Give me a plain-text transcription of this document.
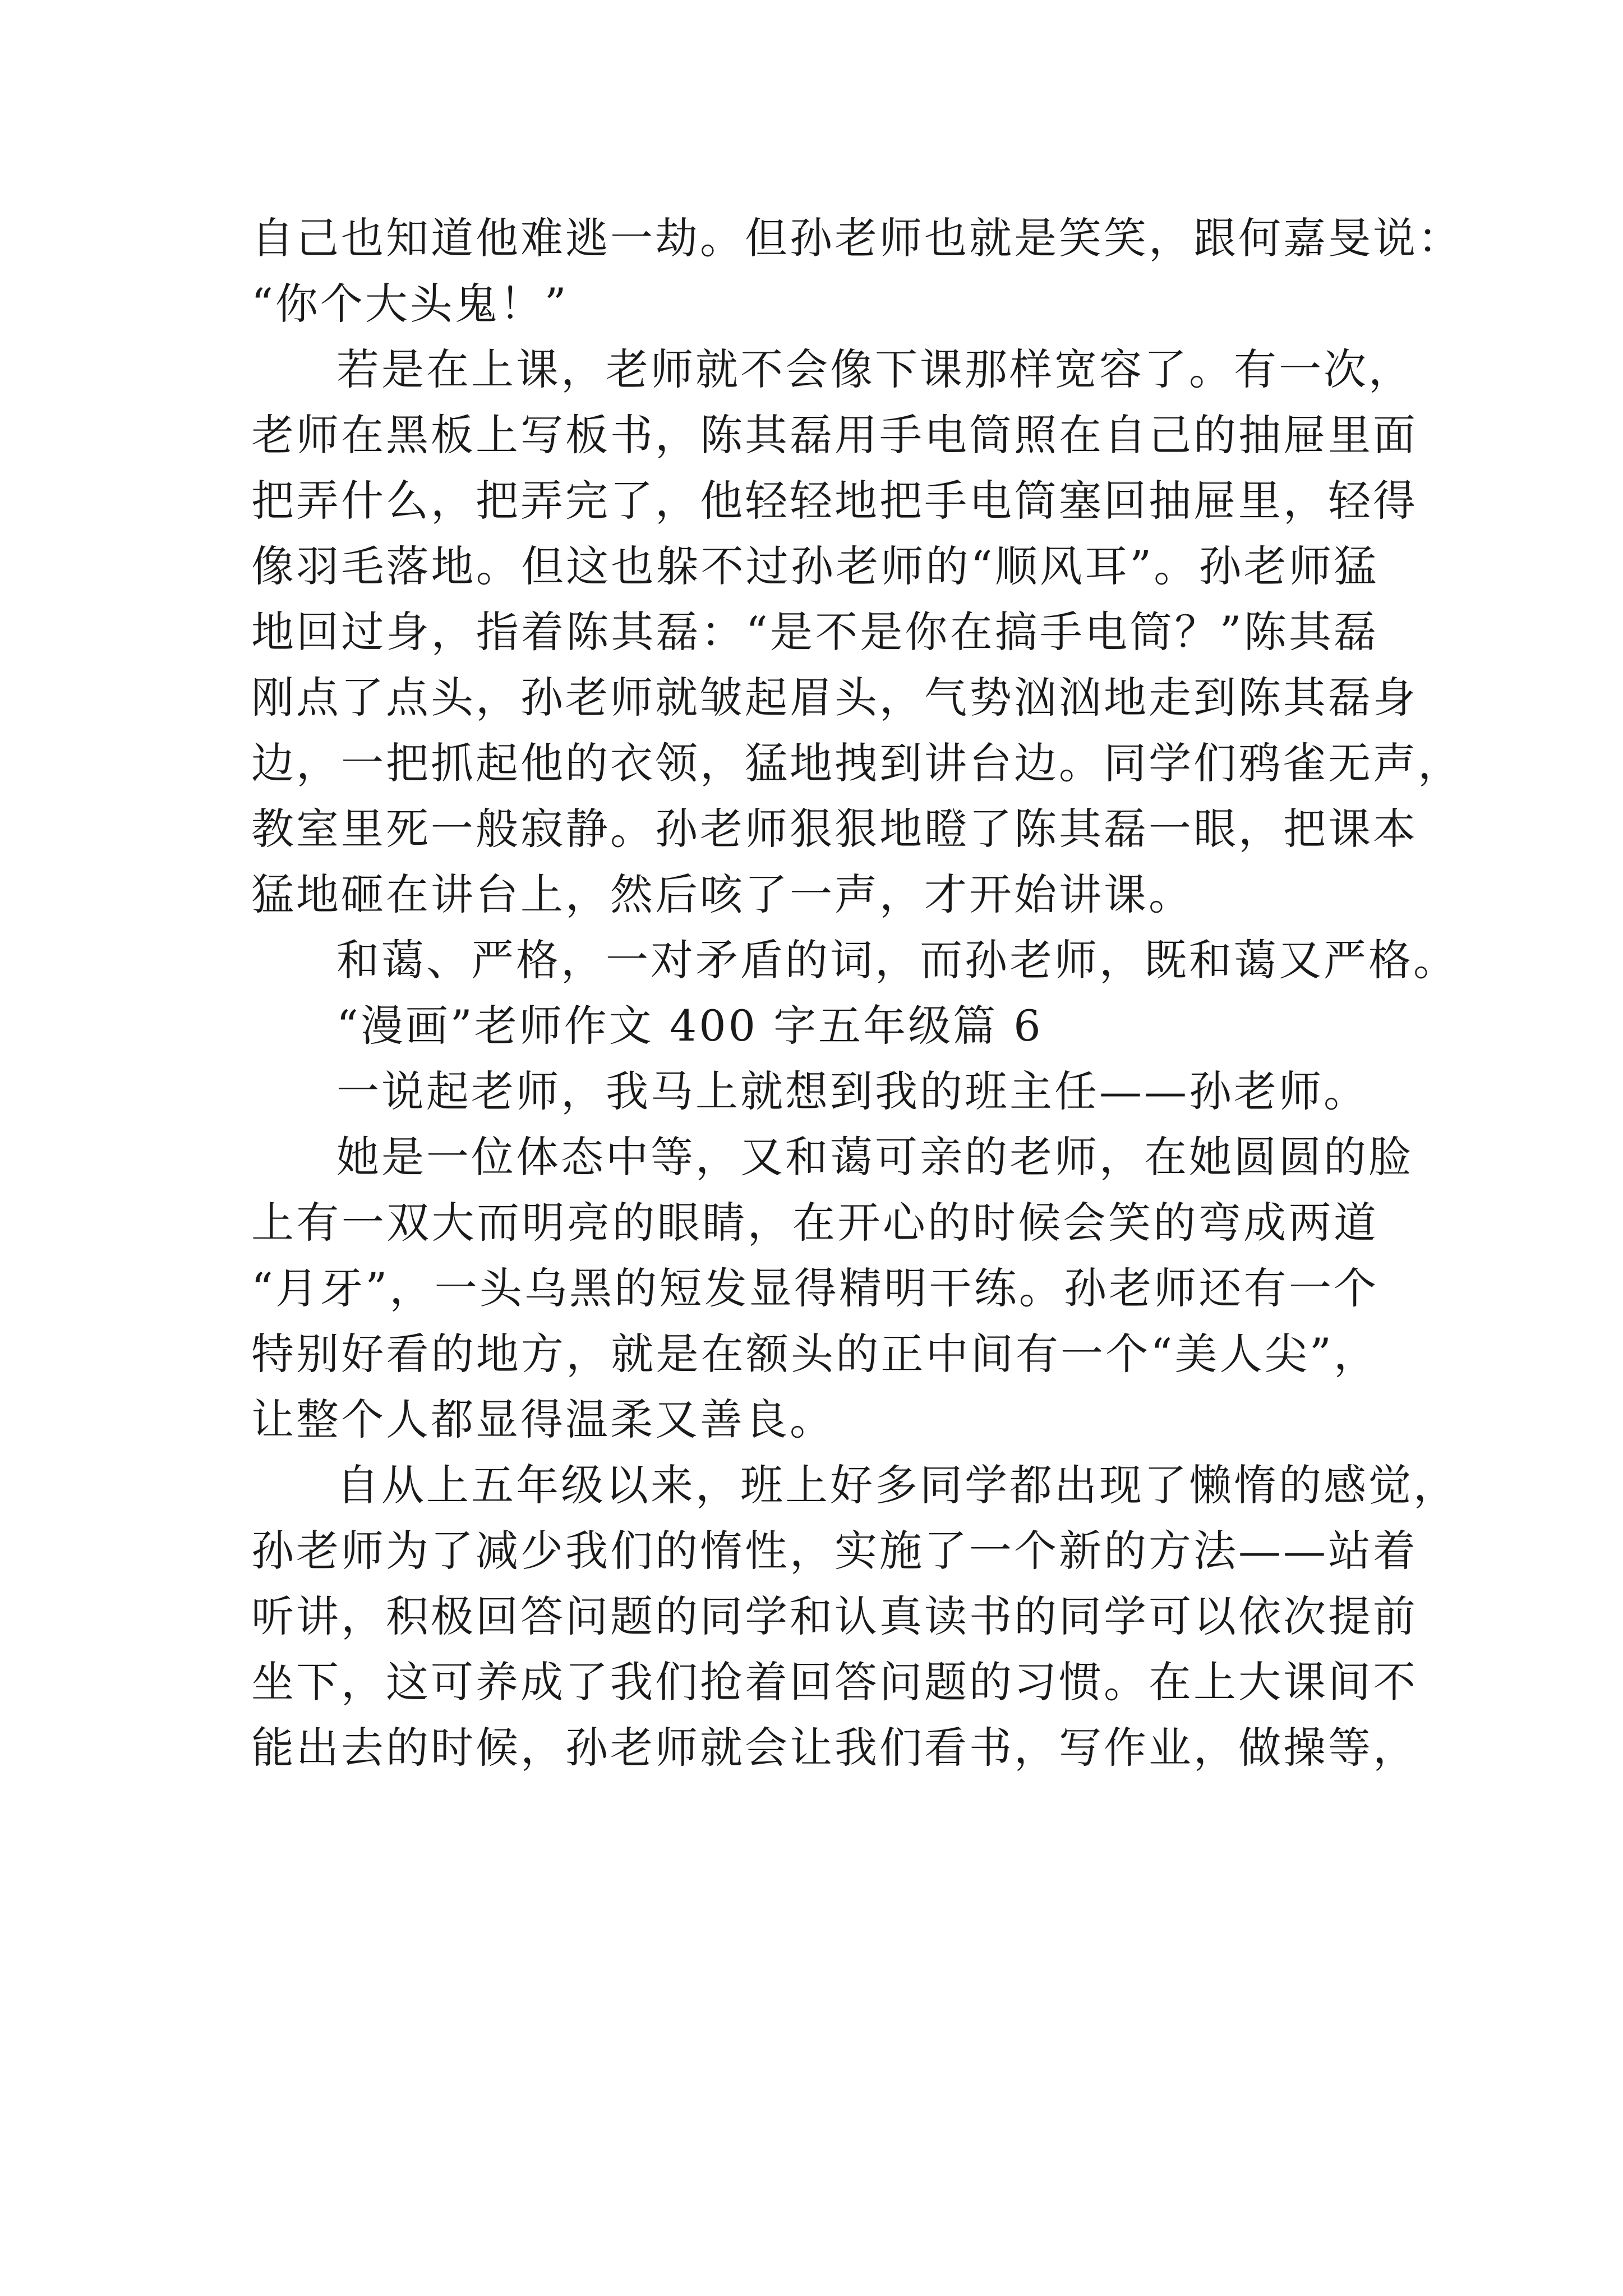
自己也知道他难逃一劫。但孙老师也就是笑笑，跟何嘉旻说：
“你个大头鬼！”
若是在上课，老师就不会像下课那样宽容了。有一次，
老师在黑板上写板书，陈其磊用手电筒照在自己的抽屉里面
把弄什么，把弄完了，他轻轻地把手电筒塞回抽屉里，轻得
像羽毛落地。但这也躲不过孙老师的“顺风耳”。孙老师猛
地回过身，指着陈其磊：“是不是你在搞手电筒？”陈其磊
刚点了点头，孙老师就皱起眉头，气势汹汹地走到陈其磊身
边，一把抓起他的衣领，猛地拽到讲台边。同学们鸦雀无声，
教室里死一般寂静。孙老师狠狠地瞪了陈其磊一眼，把课本
猛地砸在讲台上，然后咳了一声，才开始讲课。
和蔼、严格，一对矛盾的词，而孙老师，既和蔼又严格。
“漫画”老师作文 400 字五年级篇 6
一说起老师，我马上就想到我的班主任——孙老师。
她是一位体态中等，又和蔼可亲的老师，在她圆圆的脸
上有一双大而明亮的眼睛，在开心的时候会笑的弯成两道
“月牙”，一头乌黑的短发显得精明干练。孙老师还有一个
特别好看的地方，就是在额头的正中间有一个“美人尖”，
让整个人都显得温柔又善良。
自从上五年级以来，班上好多同学都出现了懒惰的感觉，
孙老师为了减少我们的惰性，实施了一个新的方法——站着
听讲，积极回答问题的同学和认真读书的同学可以依次提前
坐下，这可养成了我们抢着回答问题的习惯。在上大课间不
能出去的时候，孙老师就会让我们看书，写作业，做操等，
